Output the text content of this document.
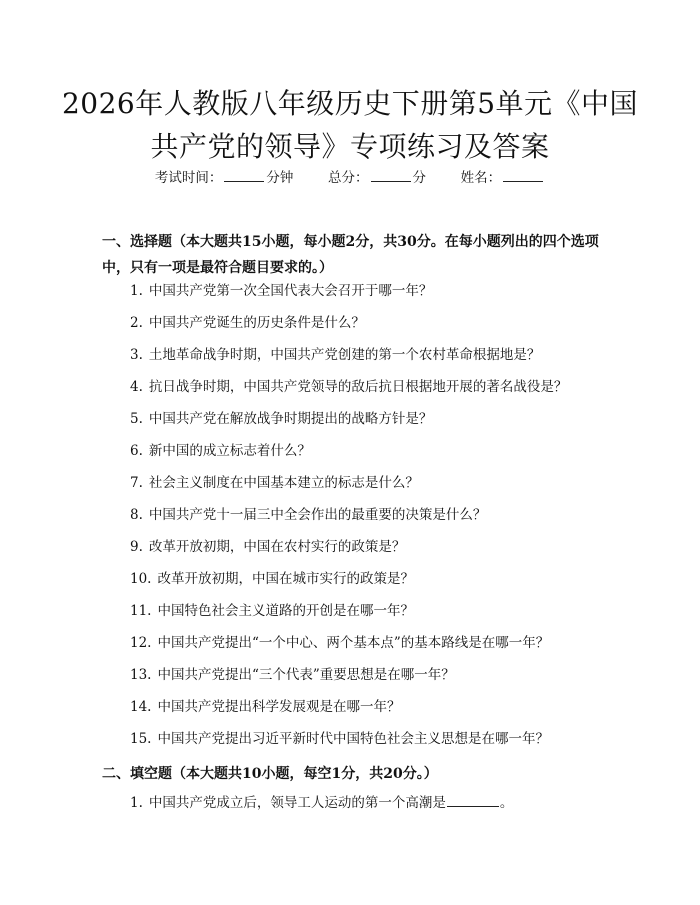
2026年人教版八年级历史下册第5单元《中国共产党的领导》专项练习及答案
考试时间：	分钟	总分：	分	姓名：
一、选择题（本大题共15小题，每小题2分，共30分。在每小题列出的四个选项中，只有一项是最符合题目要求的。）
1. 中国共产党第一次全国代表大会召开于哪一年？
2. 中国共产党诞生的历史条件是什么？
3. 土地革命战争时期，中国共产党创建的第一个农村革命根据地是？
4. 抗日战争时期，中国共产党领导的敌后抗日根据地开展的著名战役是？
5. 中国共产党在解放战争时期提出的战略方针是？
6. 新中国的成立标志着什么？
7. 社会主义制度在中国基本建立的标志是什么？
8. 中国共产党十一届三中全会作出的最重要的决策是什么？
9. 改革开放初期，中国在农村实行的政策是？
10. 改革开放初期，中国在城市实行的政策是？
11. 中国特色社会主义道路的开创是在哪一年？
12. 中国共产党提出“一个中心、两个基本点”的基本路线是在哪一年？
13. 中国共产党提出“三个代表”重要思想是在哪一年？
14. 中国共产党提出科学发展观是在哪一年？
15. 中国共产党提出习近平新时代中国特色社会主义思想是在哪一年？
二、填空题（本大题共10小题，每空1分，共20分。）
1. 中国共产党成立后，领导工人运动的第一个高潮是	。
